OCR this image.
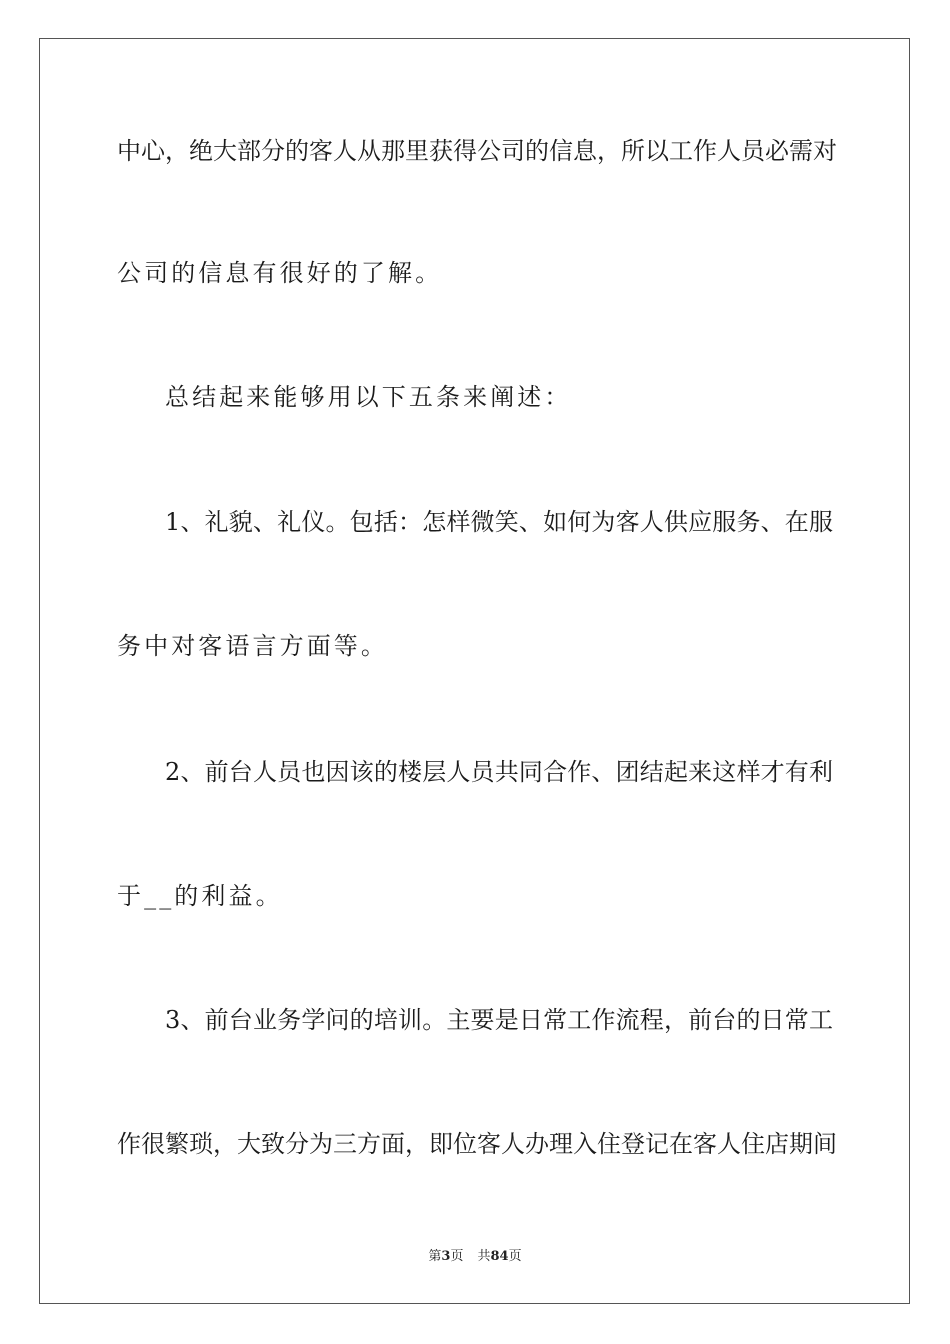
中心，绝大部分的客人从那里获得公司的信息，所以工作人员必需对
公司的信息有很好的了解。
总结起来能够用以下五条来阐述：
1、礼貌、礼仪。包括：怎样微笑、如何为客人供应服务、在服
务中对客语言方面等。
2、前台人员也因该的楼层人员共同合作、团结起来这样才有利
于__的利益。
3、前台业务学问的培训。主要是日常工作流程，前台的日常工
作很繁琐，大致分为三方面，即位客人办理入住登记在客人住店期间
第3页 共84页
